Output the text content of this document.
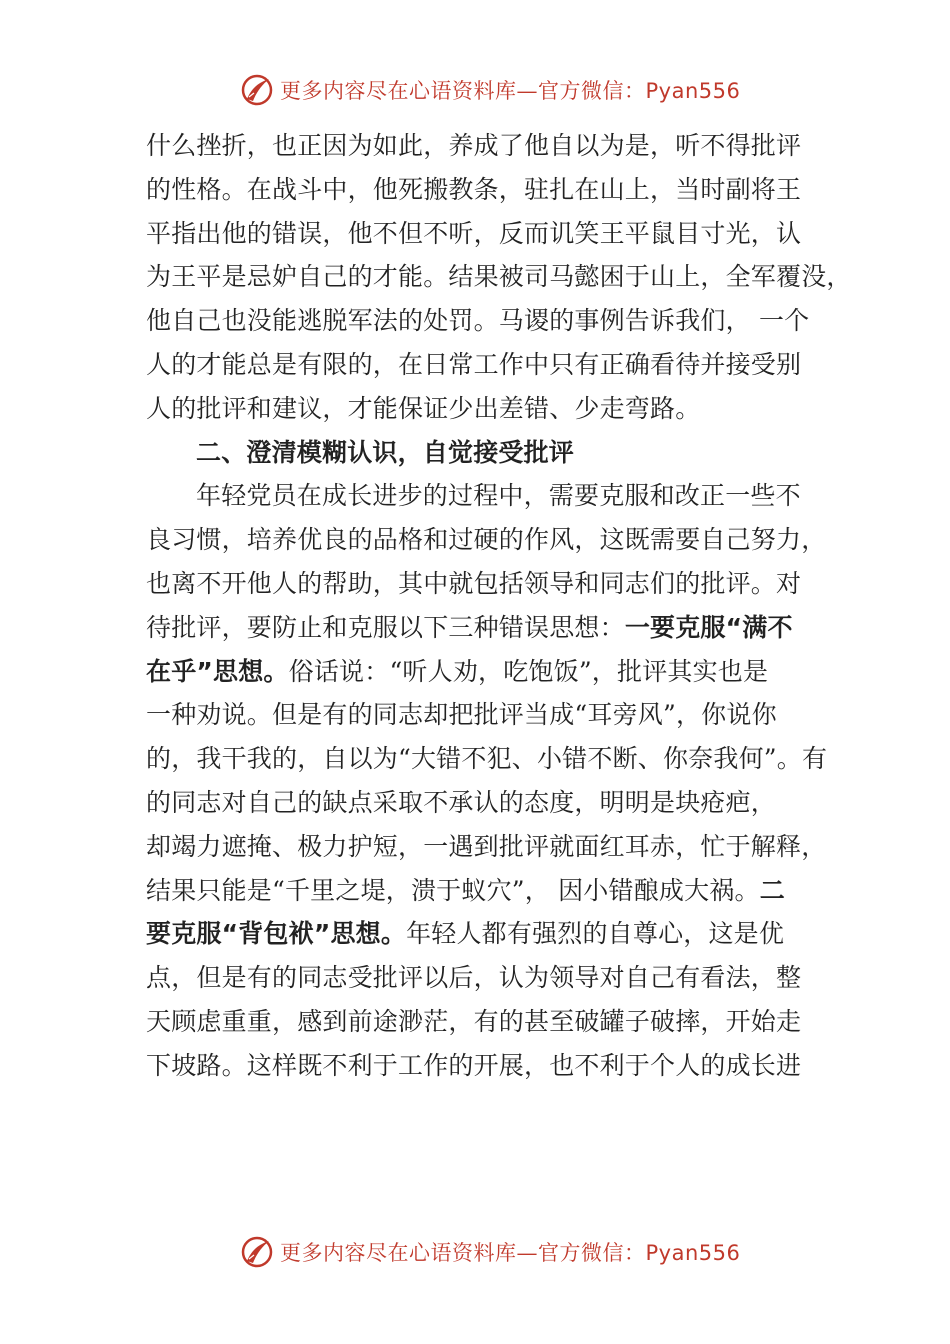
更多内容尽在心语资料库—官方微信：Pyan556
什么挫折，也正因为如此，养成了他自以为是，听不得批评
的性格。在战斗中，他死搬教条，驻扎在山上，当时副将王
平指出他的错误，他不但不听，反而讥笑王平鼠目寸光，认
为王平是忌妒自己的才能。结果被司马懿困于山上，全军覆没，
他自己也没能逃脱军法的处罚。马谡的事例告诉我们， 一个
人的才能总是有限的，在日常工作中只有正确看待并接受别
人的批评和建议，才能保证少出差错、少走弯路。
二、澄清模糊认识，自觉接受批评
年轻党员在成长进步的过程中，需要克服和改正一些不
良习惯，培养优良的品格和过硬的作风，这既需要自己努力，
也离不开他人的帮助，其中就包括领导和同志们的批评。对
待批评，要防止和克服以下三种错误思想：一要克服“满不
在乎”思想。俗话说：“听人劝，吃饱饭”，批评其实也是
一种劝说。但是有的同志却把批评当成“耳旁风”，你说你
的，我干我的，自以为“大错不犯、小错不断、你奈我何”。有
的同志对自己的缺点采取不承认的态度，明明是块疮疤，
却竭力遮掩、极力护短，一遇到批评就面红耳赤，忙于解释，
结果只能是“千里之堤，溃于蚁穴”， 因小错酿成大祸。二
要克服“背包袱”思想。年轻人都有强烈的自尊心，这是优
点，但是有的同志受批评以后，认为领导对自己有看法，整
天顾虑重重，感到前途渺茫，有的甚至破罐子破摔，开始走
下坡路。这样既不利于工作的开展，也不利于个人的成长进
更多内容尽在心语资料库—官方微信：Pyan556
